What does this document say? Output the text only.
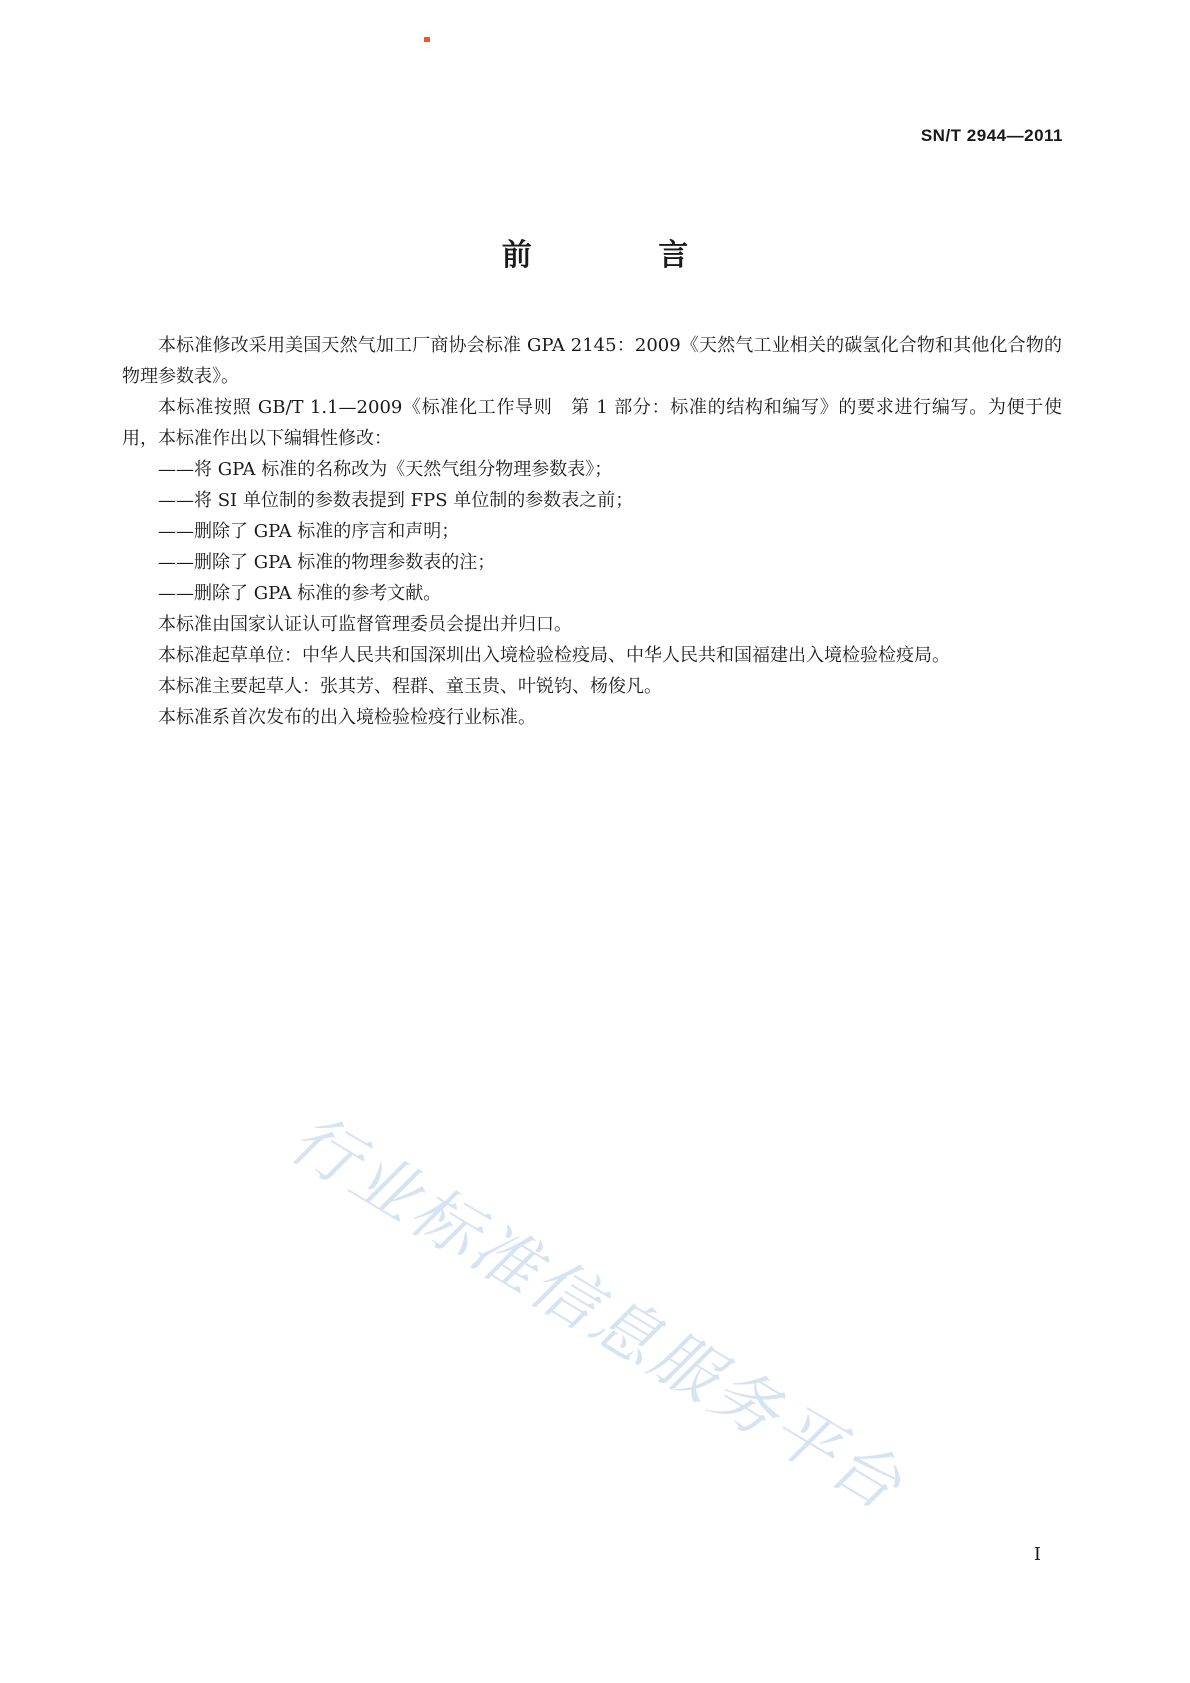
SN/T 2944—2011
前 言

本标准修改采用美国天然气加工厂商协会标准 GPA 2145：2009《天然气工业相关的碳氢化合物和其他化合物的物理参数表》。

本标准按照 GB/T 1.1—2009《标准化工作导则　第 1 部分：标准的结构和编写》的要求进行编写。为便于使用，本标准作出以下编辑性修改：

——将 GPA 标准的名称改为《天然气组分物理参数表》；

——将 SI 单位制的参数表提到 FPS 单位制的参数表之前；

——删除了 GPA 标准的序言和声明；

——删除了 GPA 标准的物理参数表的注；

——删除了 GPA 标准的参考文献。

本标准由国家认证认可监督管理委员会提出并归口。

本标准起草单位：中华人民共和国深圳出入境检验检疫局、中华人民共和国福建出入境检验检疫局。

本标准主要起草人：张其芳、程群、童玉贵、叶锐钧、杨俊凡。

本标准系首次发布的出入境检验检疫行业标准。

行业标准信息服务平台
I
